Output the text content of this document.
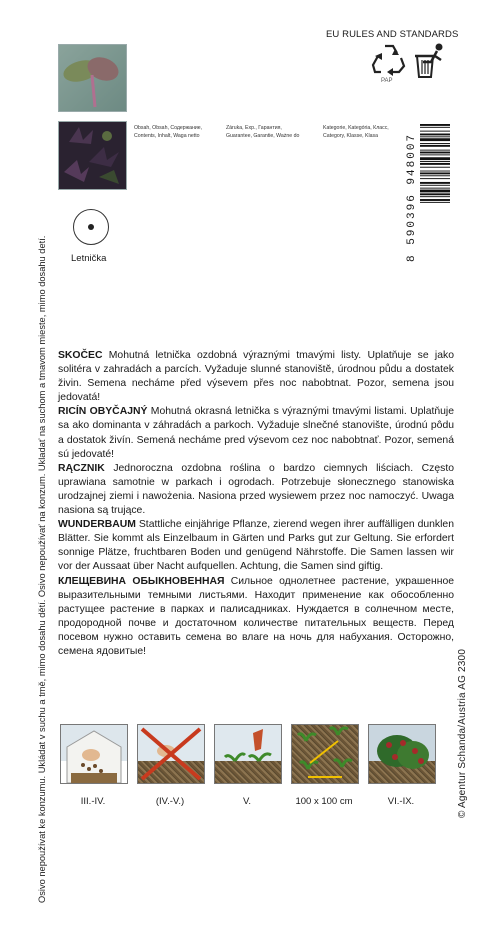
Osivo nepoužívat ke konzumu. Ukládat v suchu a tmě, mimo dosahu dětí. Osivo nepoužívať na konzum. Ukladať na suchom a tmavom mieste, mimo dosahu detí.	© Agentur Schanda/Austria AG 2300
EU RULES AND STANDARDS
PAP
Obsah, Obsah, Содержание,
Contents, Inhalt, Waga netto
Záruka, Exp., Гарантия,
Guarantee, Garantie, Ważne do
Kategorie, Kategória, Класс,
Category, Klasse, Klasa	8 590396 948007
Letnička

SKOČEC Mohutná letnička ozdobná výraznými tmavými listy. Uplatňuje se jako solitéra v zahradách a parcích. Vyžaduje slunné stanoviště, úrodnou půdu a dostatek živin. Semena necháme před výsevem přes noc nabobtnat. Pozor, semena jsou jedovatá!

RICÍN OBYČAJNÝ Mohutná okrasná letnička s výraznými tmavými listami. Uplatňuje sa ako dominanta v záhradách a parkoch. Vyžaduje slnečné stanovište, úrodnú pôdu a dostatok živín. Semená necháme pred výsevom cez noc nabobtnať. Pozor, semená sú jedovaté!

RĄCZNIK Jednoroczna ozdobna roślina o bardzo ciemnych liściach. Często uprawiana samotnie w parkach i ogrodach. Potrzebuje słonecznego stanowiska urodzajnej ziemi i nawożenia. Nasiona przed wysiewem przez noc namoczyć. Uwaga nasiona są trujące.

WUNDERBAUM Stattliche einjährige Pflanze, zierend wegen ihrer auffälligen dunklen Blätter. Sie kommt als Einzelbaum in Gärten und Parks gut zur Geltung. Sie erfordert sonnige Plätze, fruchtbaren Boden und genügend Nährstoffe. Die Samen lassen wir vor der Aussaat über Nacht aufquellen. Achtung, die Samen sind giftig.

КЛЕЩЕВИНА ОБЫКНОВЕННАЯ Сильное однолетнее растение, украшенное выразительными темными листьями. Находит применение как обособленно растущее растение в парках и палисадниках. Нуждается в солнечном месте, продородной почве и достаточном количестве питательных веществ. Перед посевом нужно оставить семена во влаге на ночь для набухания. Осторожно, семена ядовитые!

III.-IV.	(IV.-V.)	V.	100 x 100 cm	VI.-IX.
